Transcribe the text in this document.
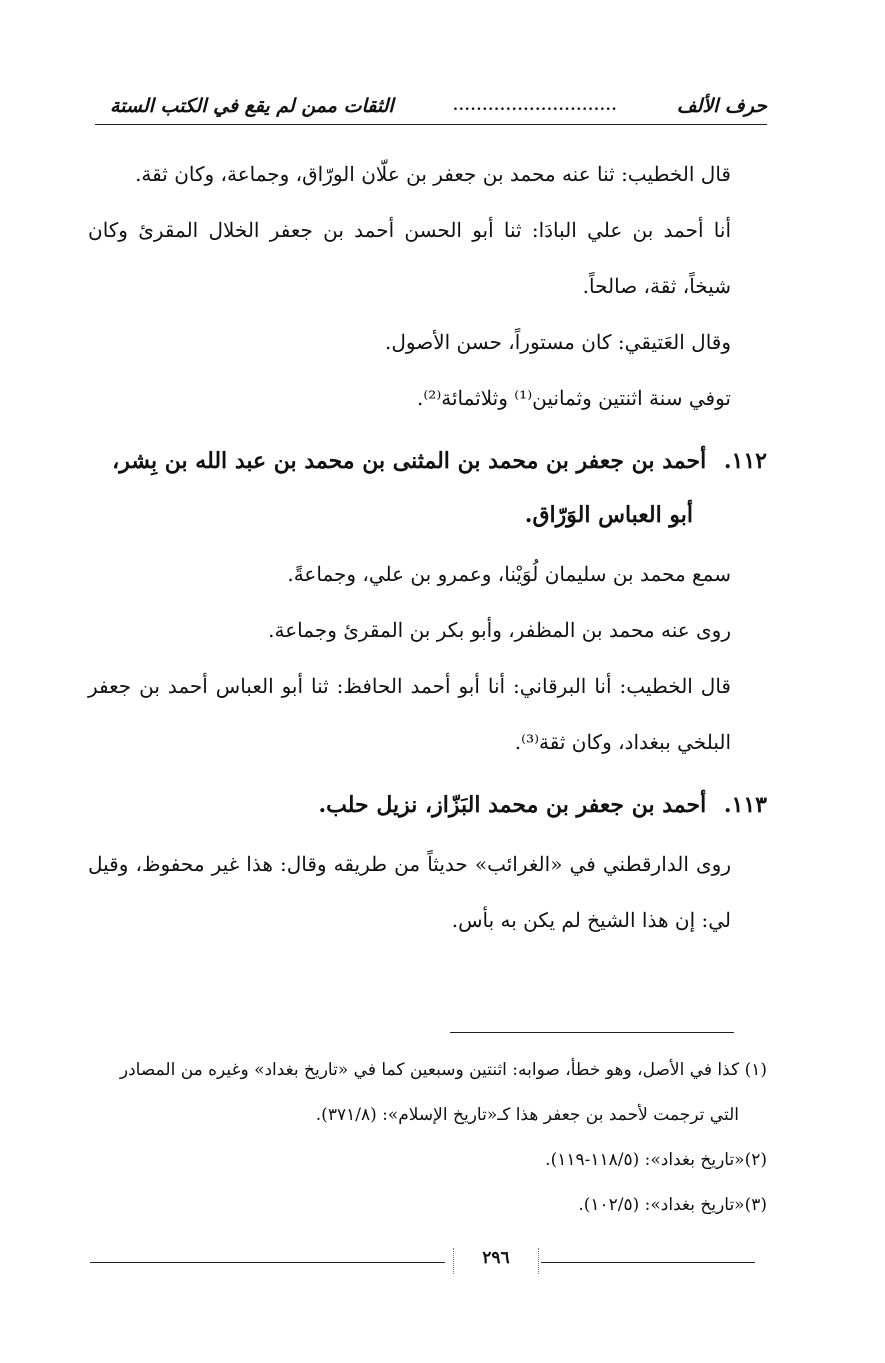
حرف الألف
............................
الثقات ممن لم يقع في الكتب الستة

قال الخطيب: ثنا عنه محمد بن جعفر بن علّان الورّاق، وجماعة، وكان ثقة.

أنا أحمد بن علي البادَا: ثنا أبو الحسن أحمد بن جعفر الخلال المقرئ وكان شيخاً، ثقة، صالحاً.

وقال العَتيقي: كان مستوراً، حسن الأصول.

توفي سنة اثنتين وثمانين⁽¹⁾ وثلاثمائة⁽²⁾.

١١٢. أحمد بن جعفر بن محمد بن المثنى بن محمد بن عبد الله بن بِشر،
أبو العباس الوَرّاق.

سمع محمد بن سليمان لُوَيْنا، وعمرو بن علي، وجماعةً.

روى عنه محمد بن المظفر، وأبو بكر بن المقرئ وجماعة.

قال الخطيب: أنا البرقاني: أنا أبو أحمد الحافظ: ثنا أبو العباس أحمد بن جعفر البلخي ببغداد، وكان ثقة⁽³⁾.

١١٣. أحمد بن جعفر بن محمد البَزّاز، نزيل حلب.

روى الدارقطني في «الغرائب» حديثاً من طريقه وقال: هذا غير محفوظ، وقيل لي: إن هذا الشيخ لم يكن به بأس.

(١) كذا في الأصل، وهو خطأ، صوابه: اثنتين وسبعين كما في «تاريخ بغداد» وغيره من المصادر

التي ترجمت لأحمد بن جعفر هذا كـ«تاريخ الإسلام»: (٣٧١/٨).

(٢)«تاريخ بغداد»: (١١٨/٥-١١٩).

(٣)«تاريخ بغداد»: (١٠٢/٥).

٢٩٦
